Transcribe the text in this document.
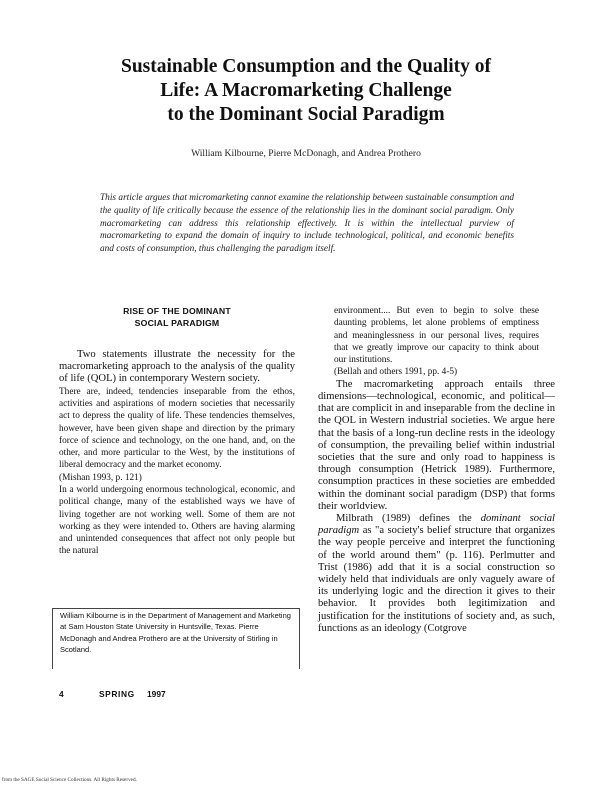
Sustainable Consumption and the Quality of
Life: A Macromarketing Challenge
to the Dominant Social Paradigm
William Kilbourne, Pierre McDonagh, and Andrea Prothero

This article argues that micromarketing cannot examine the relationship between sustainable consumption and the quality of life critically because the essence of the relationship lies in the dominant social paradigm. Only macromarketing can address this relationship effectively. It is within the intellectual purview of macromarketing to expand the domain of inquiry to include technological, political, and economic benefits and costs of consumption, thus challenging the paradigm itself.

RISE OF THE DOMINANT
SOCIAL PARADIGM

Two statements illustrate the necessity for the macromarketing approach to the analysis of the quality of life (QOL) in contemporary Western society.

There are, indeed, tendencies inseparable from the ethos, activities and aspirations of modern societies that necessarily act to depress the quality of life. These tendencies themselves, however, have been given shape and direction by the primary force of science and technology, on the one hand, and, on the other, and more particular to the West, by the institutions of liberal democracy and the market economy.
(Mishan 1993, p. 121)

In a world undergoing enormous technological, economic, and political change, many of the established ways we have of living together are not working well. Some of them are not working as they were intended to. Others are having alarming and unintended consequences that affect not only people but the natural

environment.... But even to begin to solve these daunting problems, let alone problems of emptiness and meaninglessness in our personal lives, requires that we greatly improve our capacity to think about our institutions.
(Bellah and others 1991, pp. 4-5)

The macromarketing approach entails three dimensions—technological, economic, and political—that are complicit in and inseparable from the decline in the QOL in Western industrial societies. We argue here that the basis of a long-run decline rests in the ideology of consumption, the prevailing belief within industrial societies that the sure and only road to happiness is through consumption (Hetrick 1989). Furthermore, consumption practices in these societies are embedded within the dominant social paradigm (DSP) that forms their worldview.

Milbrath (1989) defines the dominant social paradigm as "a society's belief structure that organizes the way people perceive and interpret the functioning of the world around them" (p. 116). Perlmutter and Trist (1986) add that it is a social construction so widely held that individuals are only vaguely aware of its underlying logic and the direction it gives to their behavior. It provides both legitimization and justification for the institutions of society and, as such, functions as an ideology (Cotgrove

William Kilbourne is in the Department of Management and Marketing at Sam Houston State University in Huntsville, Texas. Pierre McDonagh and Andrea Prothero are at the University of Stirling in Scotland.
4	SPRING 1997
from the SAGE Social Science Collections. All Rights Reserved.
